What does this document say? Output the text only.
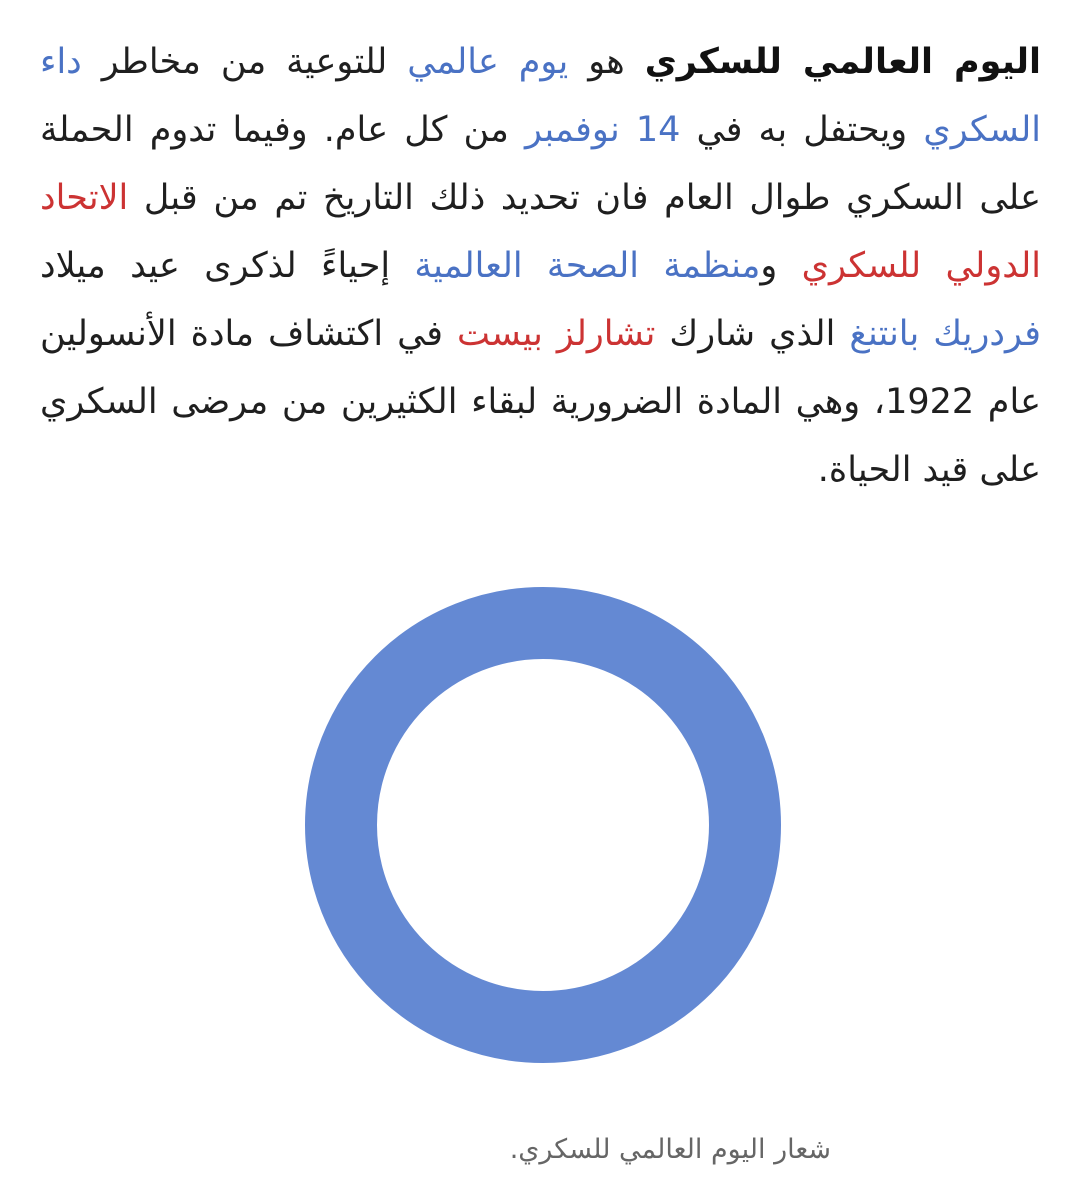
اليوم العالمي للسكري هو يوم عالمي للتوعية من مخاطر داء السكري ويحتفل به في 14 نوفمبر من كل عام. وفيما تدوم الحملة على السكري طوال العام فان تحديد ذلك التاريخ تم من قبل الاتحاد الدولي للسكري ومنظمة الصحة العالمية إحياءً لذكرى عيد ميلاد فردريك بانتنغ الذي شارك تشارلز بيست في اكتشاف مادة الأنسولين عام 1922، وهي المادة الضرورية لبقاء الكثيرين من مرضى السكري على قيد الحياة.

شعار اليوم العالمي للسكري.
